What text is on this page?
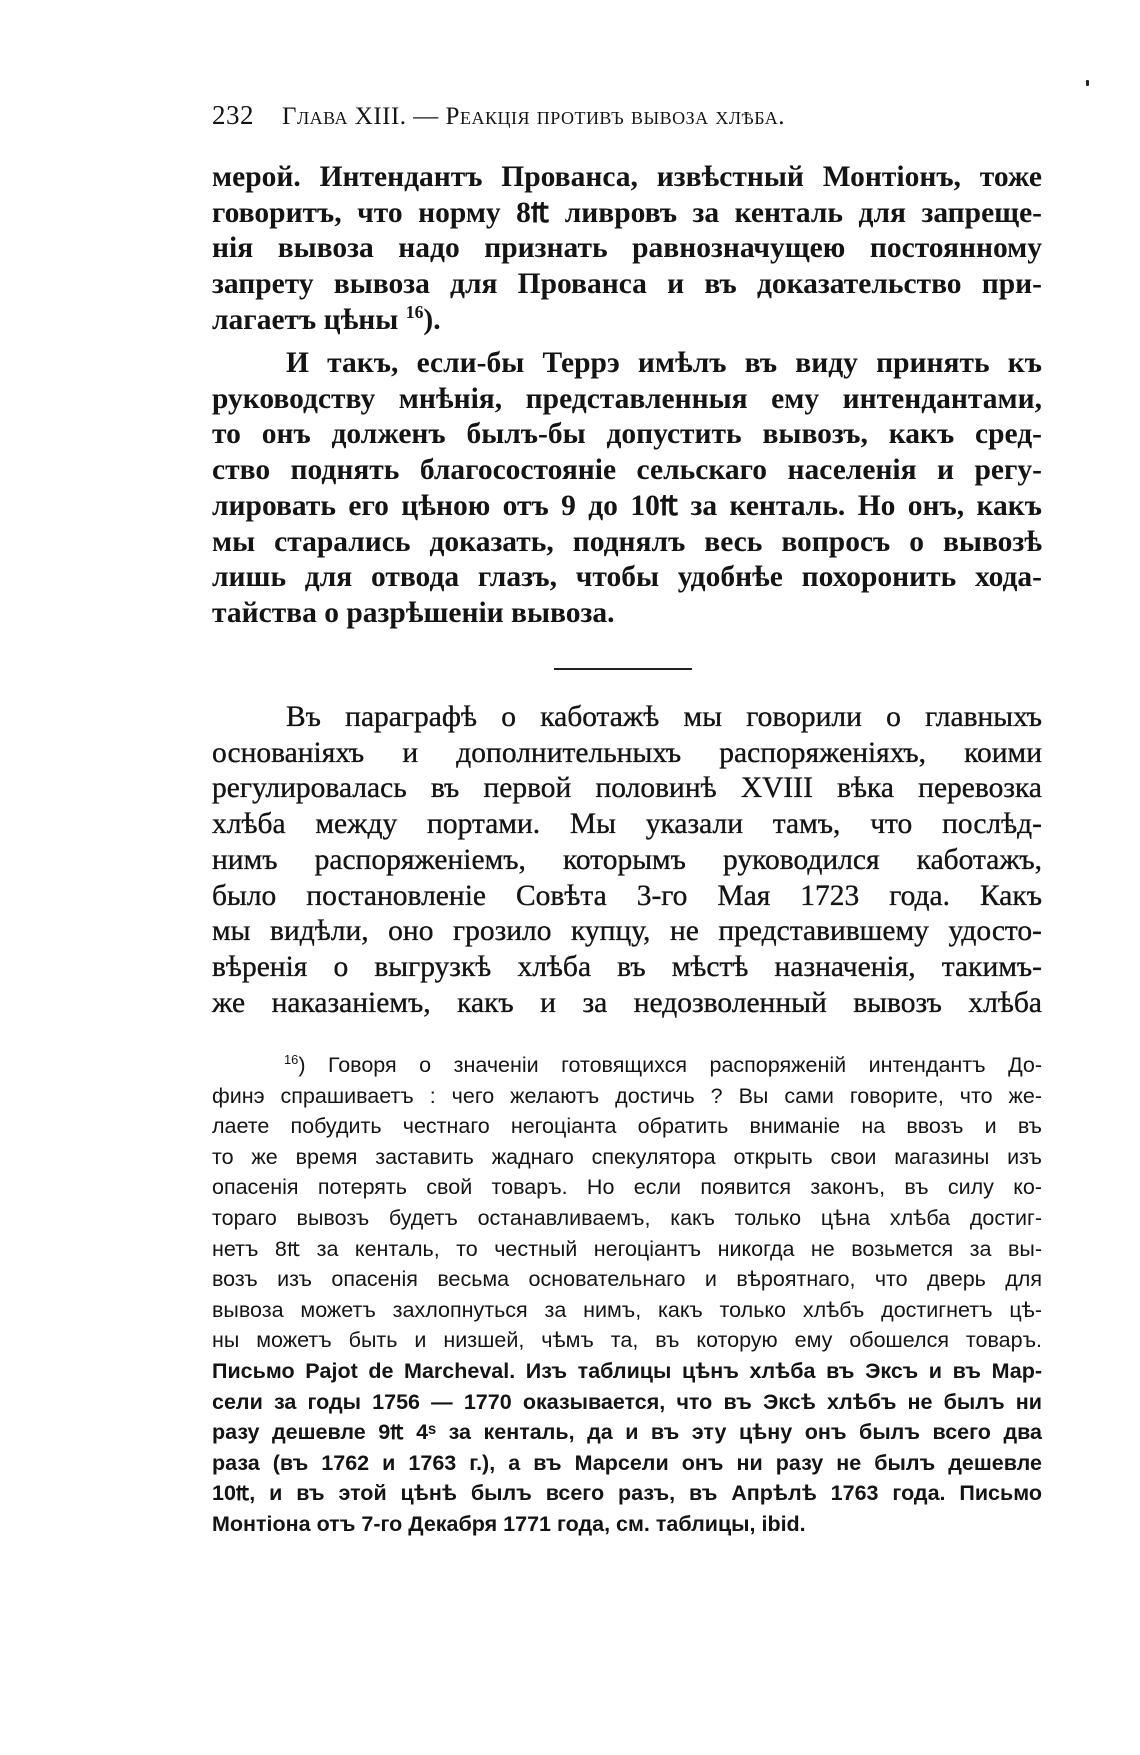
232 Глава XIII. — Реакція противъ вывоза хлѣба.
мерой. Интендантъ Прованса, извѣстный Монтіонъ, тоже
говоритъ, что норму 8₶ ливровъ за кенталь для запреще-
нія вывоза надо признать равнозначущею постоянному
запрету вывоза для Прованса и въ доказательство при-
лагаетъ цѣны $^{16}$).
И такъ, если-бы Террэ имѣлъ въ виду принять къ
руководству мнѣнія, представленныя ему интендантами,
то онъ долженъ былъ-бы допустить вывозъ, какъ сред-
ство поднять благосостояніе сельскаго населенія и регу-
лировать его цѣною отъ 9 до 10₶ за кенталь. Но онъ, какъ
мы старались доказать, поднялъ весь вопросъ о вывозѣ
лишь для отвода глазъ, чтобы удобнѣе похоронить хода-
тайства о разрѣшеніи вывоза.
Въ параграфѣ о каботажѣ мы говорили о главныхъ
основаніяхъ и дополнительныхъ распоряженіяхъ, коими
регулировалась въ первой половинѣ XVIII вѣка перевозка
хлѣба между портами. Мы указали тамъ, что послѣд-
нимъ распоряженіемъ, которымъ руководился каботажъ,
было постановленіе Совѣта 3-го Мая 1723 года. Какъ
мы видѣли, оно грозило купцу, не представившему удосто-
вѣренія о выгрузкѣ хлѣба въ мѣстѣ назначенія, такимъ-
же наказаніемъ, какъ и за недозволенный вывозъ хлѣба
$^{16}$) Говоря о значеніи готовящихся распоряженій интендантъ До-
финэ спрашиваетъ : чего желаютъ достичь ? Вы сами говорите, что же-
лаете побудить честнаго негоціанта обратить вниманіе на ввозъ и въ
то же время заставить жаднаго спекулятора открыть свои магазины изъ
опасенія потерять свой товаръ. Но если появится законъ, въ силу ко-
тораго вывозъ будетъ останавливаемъ, какъ только цѣна хлѣба достиг-
нетъ 8₶ за кенталь, то честный негоціантъ никогда не возьмется за вы-
возъ изъ опасенія весьма основательнаго и вѣроятнаго, что дверь для
вывоза можетъ захлопнуться за нимъ, какъ только хлѣбъ достигнетъ цѣ-
ны можетъ быть и низшей, чѣмъ та, въ которую ему обошелся товаръ.
Письмо Pajot de Marcheval. Изъ таблицы цѣнъ хлѣба въ Эксъ и въ Мар-
сели за годы 1756 — 1770 оказывается, что въ Эксѣ хлѣбъ не былъ ни
разу дешевле 9₶ 4ˢ за кенталь, да и въ эту цѣну онъ былъ всего два
раза (въ 1762 и 1763 г.), а въ Марсели онъ ни разу не былъ дешевле
10₶, и въ этой цѣнѣ былъ всего разъ, въ Апрѣлѣ 1763 года. Письмо
Монтіона отъ 7-го Декабря 1771 года, см. таблицы, ibid.
